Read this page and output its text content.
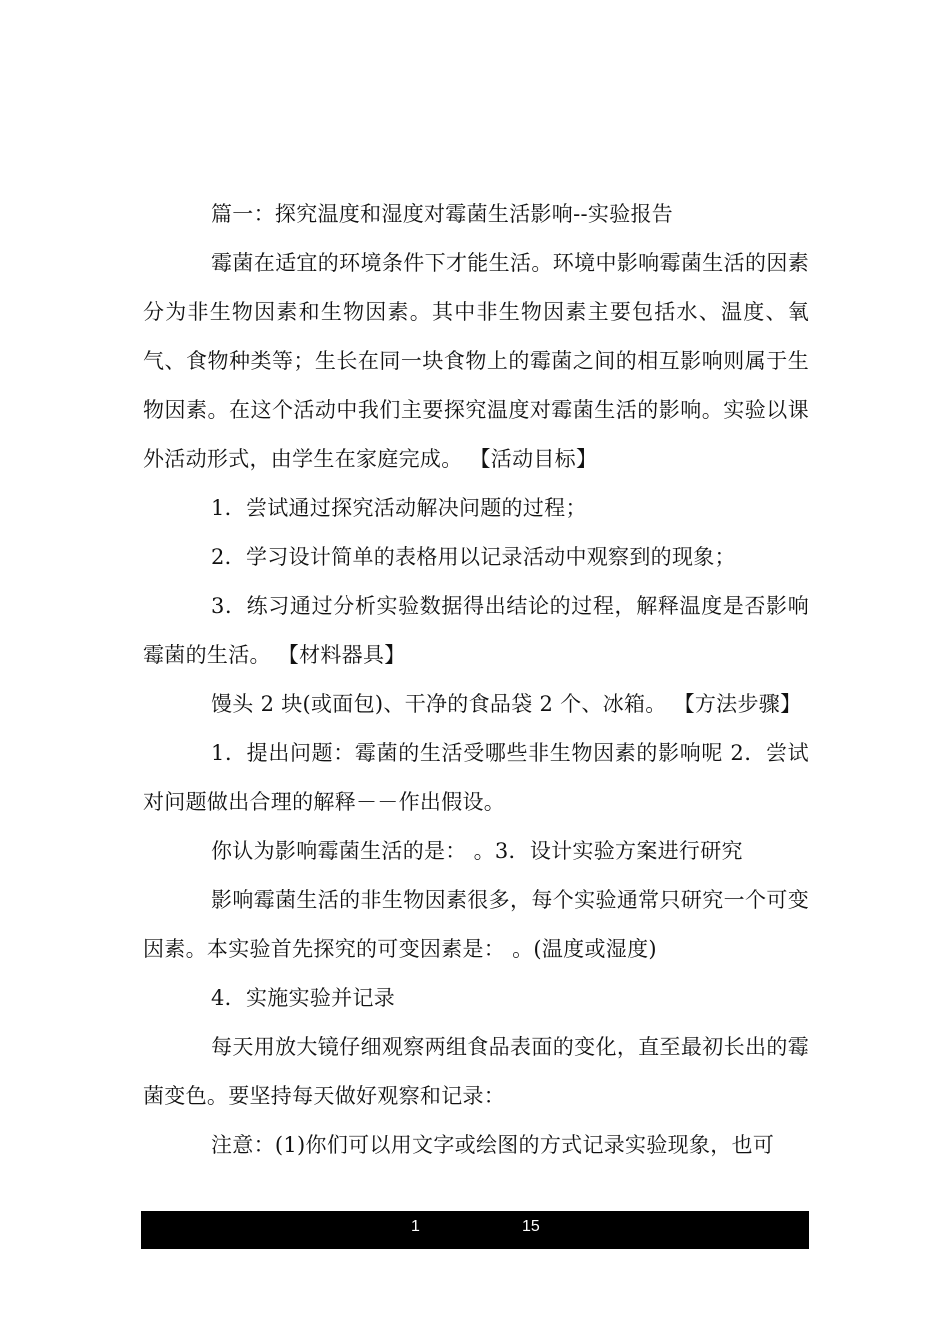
篇一：探究温度和湿度对霉菌生活影响--实验报告

霉菌在适宜的环境条件下才能生活。环境中影响霉菌生活的因素分为非生物因素和生物因素。其中非生物因素主要包括水、温度、氧气、食物种类等；生长在同一块食物上的霉菌之间的相互影响则属于生物因素。在这个活动中我们主要探究温度对霉菌生活的影响。实验以课外活动形式，由学生在家庭完成。 【活动目标】

1．尝试通过探究活动解决问题的过程；

2．学习设计简单的表格用以记录活动中观察到的现象；

3．练习通过分析实验数据得出结论的过程，解释温度是否影响霉菌的生活。 【材料器具】

馒头 2 块(或面包)、干净的食品袋 2 个、冰箱。 【方法步骤】

1．提出问题：霉菌的生活受哪些非生物因素的影响呢 2．尝试对问题做出合理的解释－－作出假设。

你认为影响霉菌生活的是： 。3．设计实验方案进行研究

影响霉菌生活的非生物因素很多，每个实验通常只研究一个可变因素。本实验首先探究的可变因素是： 。(温度或湿度)

4．实施实验并记录

每天用放大镜仔细观察两组食品表面的变化，直至最初长出的霉菌变色。要坚持每天做好观察和记录：

注意：(1)你们可以用文字或绘图的方式记录实验现象，也可

1	15
